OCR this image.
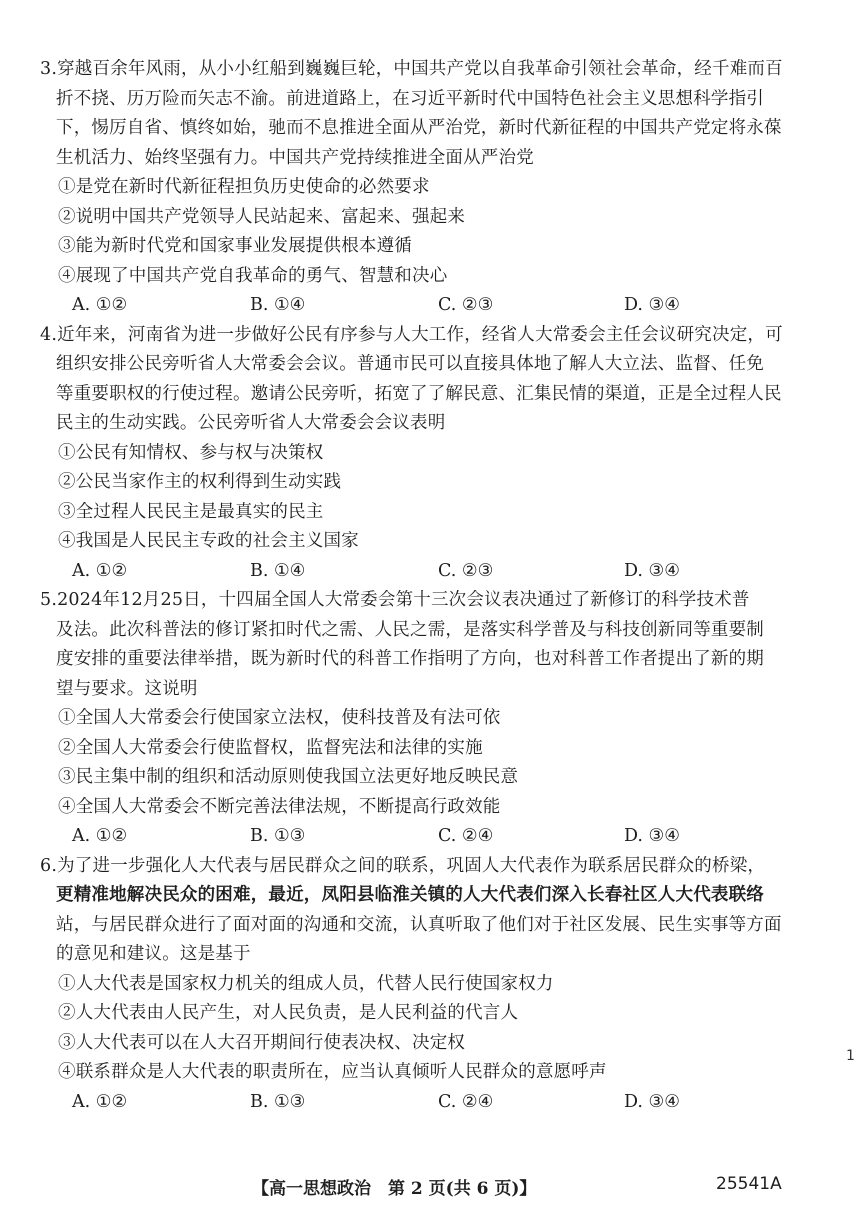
3.穿越百余年风雨，从小小红船到巍巍巨轮，中国共产党以自我革命引领社会革命，经千难而百
折不挠、历万险而矢志不渝。前进道路上，在习近平新时代中国特色社会主义思想科学指引
下，惕厉自省、慎终如始，驰而不息推进全面从严治党，新时代新征程的中国共产党定将永葆
生机活力、始终坚强有力。中国共产党持续推进全面从严治党
①是党在新时代新征程担负历史使命的必然要求
②说明中国共产党领导人民站起来、富起来、强起来
③能为新时代党和国家事业发展提供根本遵循
④展现了中国共产党自我革命的勇气、智慧和决心
A. ①②	B. ①④	C. ②③	D. ③④
4.近年来，河南省为进一步做好公民有序参与人大工作，经省人大常委会主任会议研究决定，可
组织安排公民旁听省人大常委会会议。普通市民可以直接具体地了解人大立法、监督、任免
等重要职权的行使过程。邀请公民旁听，拓宽了了解民意、汇集民情的渠道，正是全过程人民
民主的生动实践。公民旁听省人大常委会会议表明
①公民有知情权、参与权与决策权
②公民当家作主的权利得到生动实践
③全过程人民民主是最真实的民主
④我国是人民民主专政的社会主义国家
A. ①②	B. ①④	C. ②③	D. ③④
5.2024年12月25日，十四届全国人大常委会第十三次会议表决通过了新修订的科学技术普
及法。此次科普法的修订紧扣时代之需、人民之需，是落实科学普及与科技创新同等重要制
度安排的重要法律举措，既为新时代的科普工作指明了方向，也对科普工作者提出了新的期
望与要求。这说明
①全国人大常委会行使国家立法权，使科技普及有法可依
②全国人大常委会行使监督权，监督宪法和法律的实施
③民主集中制的组织和活动原则使我国立法更好地反映民意
④全国人大常委会不断完善法律法规，不断提高行政效能
A. ①②	B. ①③	C. ②④	D. ③④
6.为了进一步强化人大代表与居民群众之间的联系，巩固人大代表作为联系居民群众的桥梁，
更精准地解决民众的困难，最近，凤阳县临淮关镇的人大代表们深入长春社区人大代表联络
站，与居民群众进行了面对面的沟通和交流，认真听取了他们对于社区发展、民生实事等方面
的意见和建议。这是基于
①人大代表是国家权力机关的组成人员，代替人民行使国家权力
②人大代表由人民产生，对人民负责，是人民利益的代言人
③人大代表可以在人大召开期间行使表决权、决定权
④联系群众是人大代表的职责所在，应当认真倾听人民群众的意愿呼声
A. ①②	B. ①③	C. ②④	D. ③④
1
【高一思想政治　第 2 页(共 6 页)】	25541A
